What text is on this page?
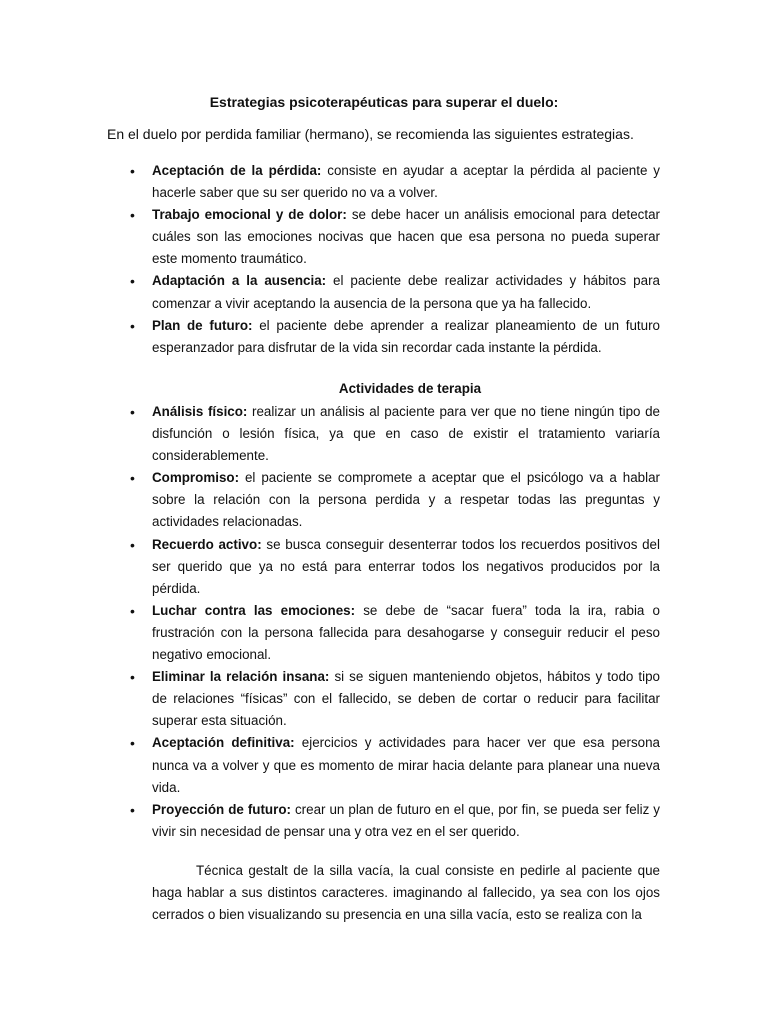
Estrategias psicoterapéuticas para superar el duelo:
En el duelo por perdida familiar (hermano), se recomienda las siguientes estrategias.
• Aceptación de la pérdida: consiste en ayudar a aceptar la pérdida al paciente y hacerle saber que su ser querido no va a volver.
• Trabajo emocional y de dolor: se debe hacer un análisis emocional para detectar cuáles son las emociones nocivas que hacen que esa persona no pueda superar este momento traumático.
• Adaptación a la ausencia: el paciente debe realizar actividades y hábitos para comenzar a vivir aceptando la ausencia de la persona que ya ha fallecido.
• Plan de futuro: el paciente debe aprender a realizar planeamiento de un futuro esperanzador para disfrutar de la vida sin recordar cada instante la pérdida.
Actividades de terapia
• Análisis físico: realizar un análisis al paciente para ver que no tiene ningún tipo de disfunción o lesión física, ya que en caso de existir el tratamiento variaría considerablemente.
• Compromiso: el paciente se compromete a aceptar que el psicólogo va a hablar sobre la relación con la persona perdida y a respetar todas las preguntas y actividades relacionadas.
• Recuerdo activo: se busca conseguir desenterrar todos los recuerdos positivos del ser querido que ya no está para enterrar todos los negativos producidos por la pérdida.
• Luchar contra las emociones: se debe de “sacar fuera” toda la ira, rabia o frustración con la persona fallecida para desahogarse y conseguir reducir el peso negativo emocional.
• Eliminar la relación insana: si se siguen manteniendo objetos, hábitos y todo tipo de relaciones “físicas” con el fallecido, se deben de cortar o reducir para facilitar superar esta situación.
• Aceptación definitiva: ejercicios y actividades para hacer ver que esa persona nunca va a volver y que es momento de mirar hacia delante para planear una nueva vida.
• Proyección de futuro: crear un plan de futuro en el que, por fin, se pueda ser feliz y vivir sin necesidad de pensar una y otra vez en el ser querido.

Técnica gestalt de la silla vacía, la cual consiste en pedirle al paciente que haga hablar a sus distintos caracteres. imaginando al fallecido, ya sea con los ojos cerrados o bien visualizando su presencia en una silla vacía, esto se realiza con la
